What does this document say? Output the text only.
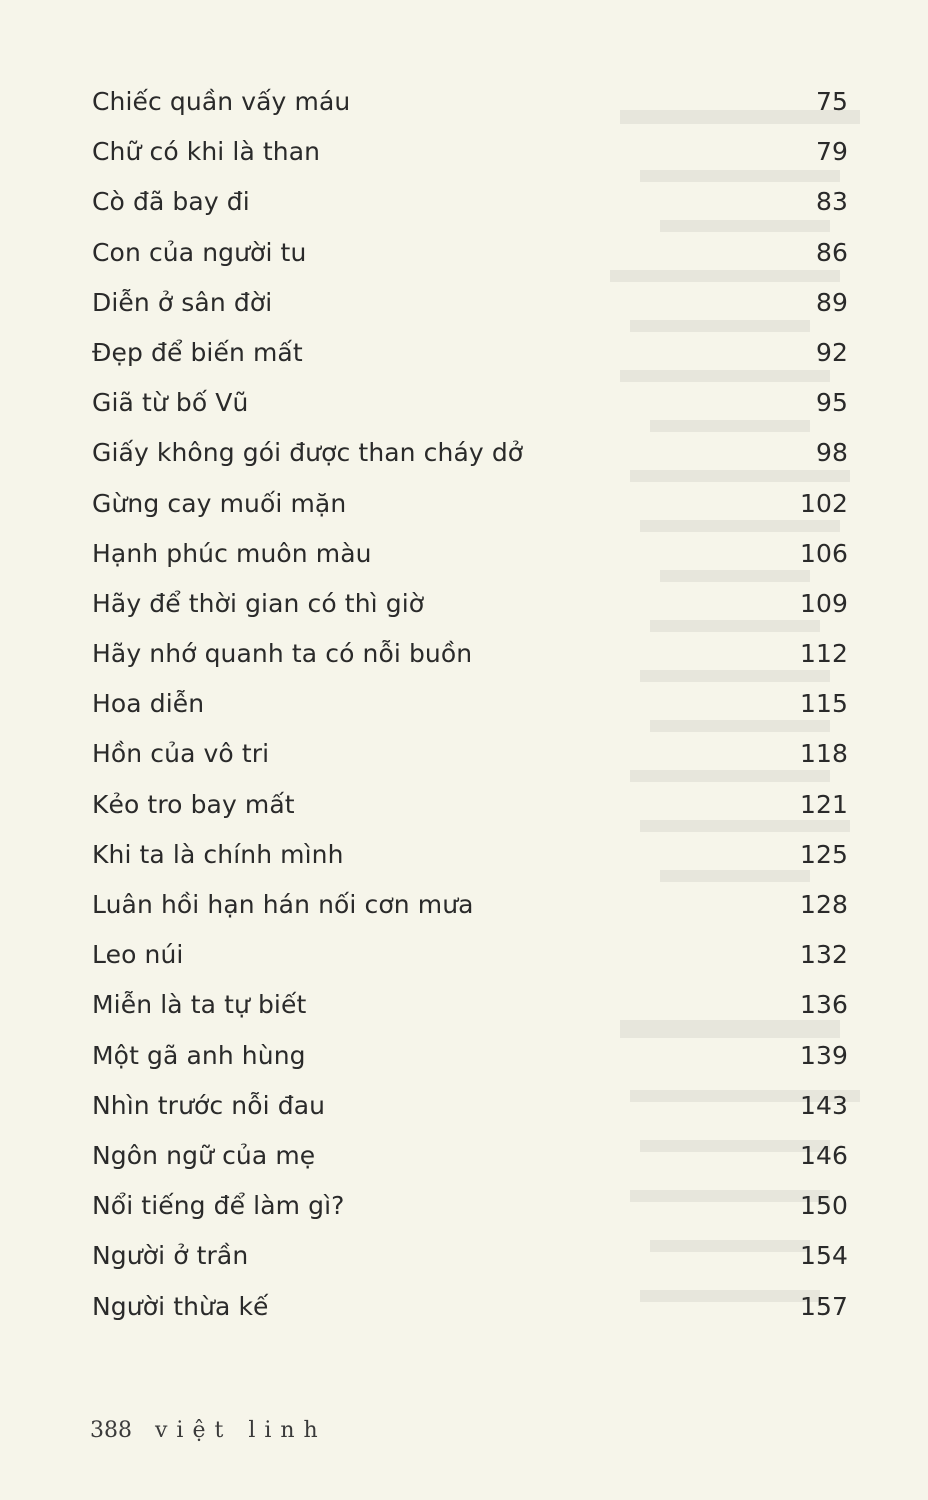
Chiếc quần vấy máu	75
Chữ có khi là than	79
Cò đã bay đi	83
Con của người tu	86
Diễn ở sân đời	89
Đẹp để biến mất	92
Giã từ bố Vũ	95
Giấy không gói được than cháy dở	98
Gừng cay muối mặn	102
Hạnh phúc muôn màu	106
Hãy để thời gian có thì giờ	109
Hãy nhớ quanh ta có nỗi buồn	112
Hoa diễn	115
Hồn của vô tri	118
Kẻo tro bay mất	121
Khi ta là chính mình	125
Luân hồi hạn hán nối cơn mưa	128
Leo núi	132
Miễn là ta tự biết	136
Một gã anh hùng	139
Nhìn trước nỗi đau	143
Ngôn ngữ của mẹ	146
Nổi tiếng để làm gì?	150
Người ở trần	154
Người thừa kế	157
388 việt linh
